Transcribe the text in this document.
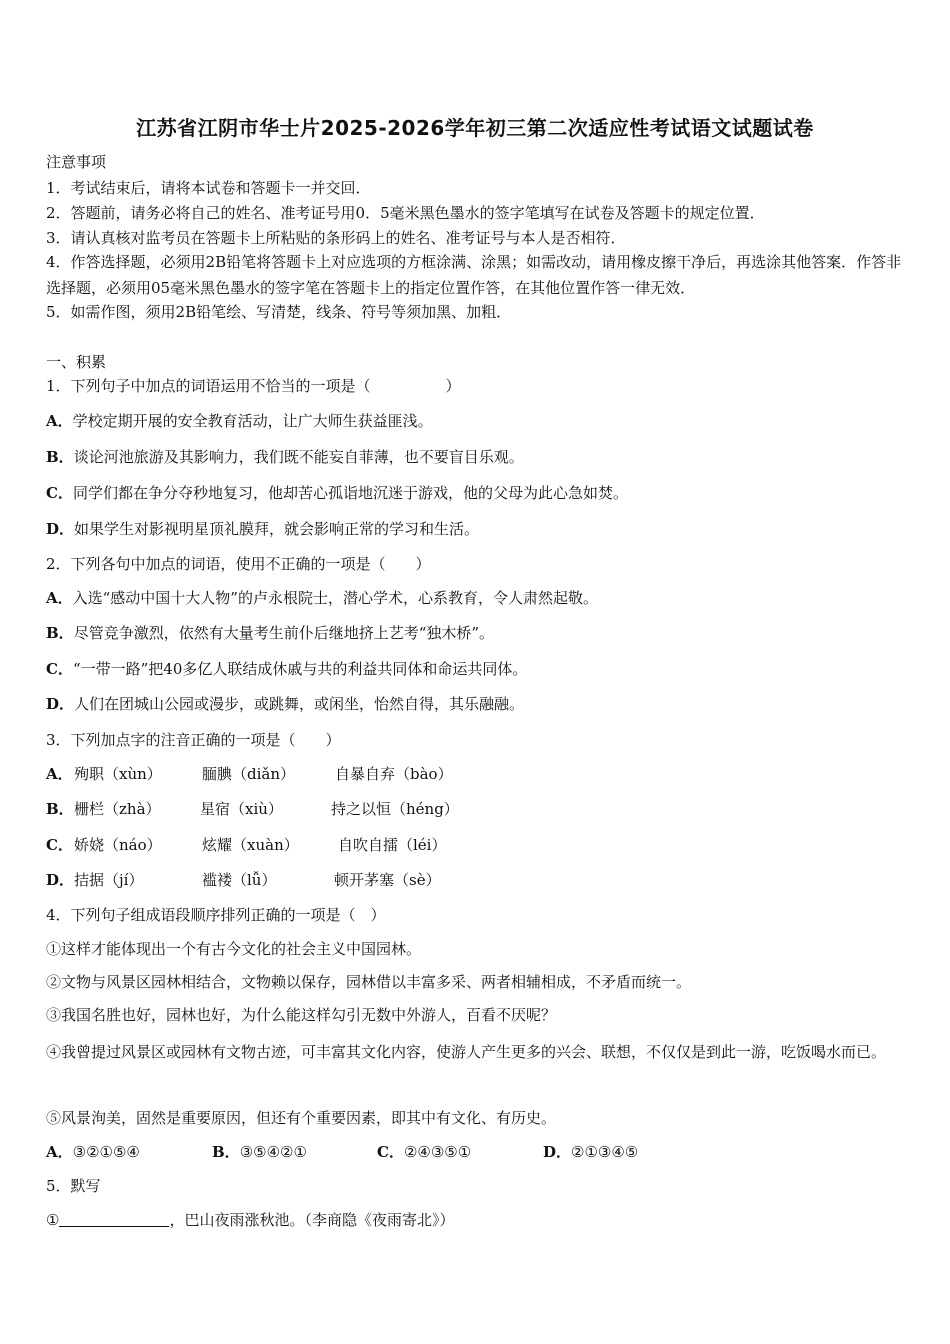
江苏省江阴市华士片2025-2026学年初三第二次适应性考试语文试题试卷
注意事项
1．考试结束后，请将本试卷和答题卡一并交回．
2．答题前，请务必将自己的姓名、准考证号用0．5毫米黑色墨水的签字笔填写在试卷及答题卡的规定位置．
3．请认真核对监考员在答题卡上所粘贴的条形码上的姓名、准考证号与本人是否相符．
4．作答选择题，必须用2B铅笔将答题卡上对应选项的方框涂满、涂黑；如需改动，请用橡皮擦干净后，再选涂其他答案．作答非选择题，必须用05毫米黑色墨水的签字笔在答题卡上的指定位置作答，在其他位置作答一律无效．
5．如需作图，须用2B铅笔绘、写清楚，线条、符号等须加黑、加粗．
一、积累
1．下列句子中加点的词语运用不恰当的一项是（　　　　　）
A．学校定期开展的安全教育活动，让广大师生获益匪浅。
B．谈论河池旅游及其影响力，我们既不能妄自菲薄，也不要盲目乐观。
C．同学们都在争分夺秒地复习，他却苦心孤诣地沉迷于游戏，他的父母为此心急如焚。
D．如果学生对影视明星顶礼膜拜，就会影响正常的学习和生活。
2．下列各句中加点的词语，使用不正确的一项是（　　）
A．入选“感动中国十大人物”的卢永根院士，潜心学术，心系教育，令人肃然起敬。
B．尽管竞争激烈，依然有大量考生前仆后继地挤上艺考“独木桥”。
C．“一带一路”把40多亿人联结成休戚与共的利益共同体和命运共同体。
D．人们在团城山公园或漫步，或跳舞，或闲坐，怡然自得，其乐融融。
3．下列加点字的注音正确的一项是（　　）
A． 殉职（xùn）	腼腆（diǎn）	自暴自弃（bào）
B． 栅栏（zhà）	星宿（xiù）	持之以恒（héng）
C． 娇娆（náo）	炫耀（xuàn）	自吹自擂（léi）
D． 拮据（jí）	褴褛（lǚ）	顿开茅塞（sè）
4．下列句子组成语段顺序排列正确的一项是（　）
①这样才能体现出一个有古今文化的社会主义中国园林。
②文物与风景区园林相结合，文物赖以保存，园林借以丰富多采、两者相辅相成，不矛盾而统一。
③我国名胜也好，园林也好，为什么能这样勾引无数中外游人，百看不厌呢？
④我曾提过风景区或园林有文物古迹，可丰富其文化内容，使游人产生更多的兴会、联想，不仅仅是到此一游，吃饭喝水而已。
⑤风景洵美，固然是重要原因，但还有个重要因素，即其中有文化、有历史。
A．③②①⑤④	B．③⑤④②①	C．②④③⑤①	D．②①③④⑤
5．默写
①	，巴山夜雨涨秋池。（李商隐《夜雨寄北》）
